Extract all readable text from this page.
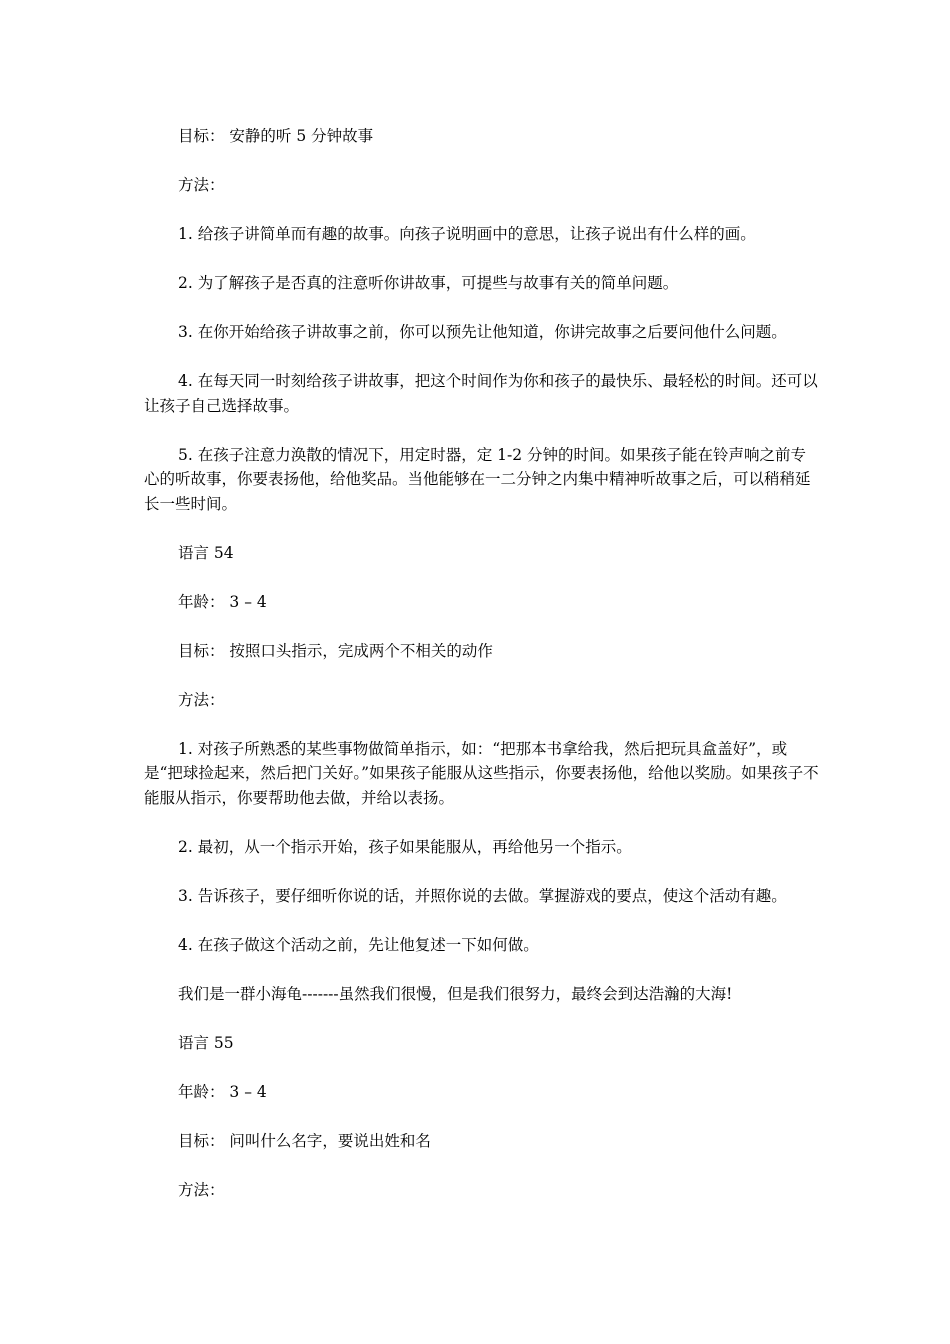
目标： 安静的听 5 分钟故事

方法：

1. 给孩子讲简单而有趣的故事。向孩子说明画中的意思，让孩子说出有什么样的画。

2. 为了解孩子是否真的注意听你讲故事，可提些与故事有关的简单问题。

3. 在你开始给孩子讲故事之前，你可以预先让他知道，你讲完故事之后要问他什么问题。

4. 在每天同一时刻给孩子讲故事，把这个时间作为你和孩子的最快乐、最轻松的时间。还可以让孩子自己选择故事。

5. 在孩子注意力涣散的情况下，用定时器，定 1-2 分钟的时间。如果孩子能在铃声响之前专心的听故事，你要表扬他，给他奖品。当他能够在一二分钟之内集中精神听故事之后，可以稍稍延长一些时间。

语言 54

年龄： 3 – 4

目标： 按照口头指示，完成两个不相关的动作

方法：

1. 对孩子所熟悉的某些事物做简单指示，如：“把那本书拿给我，然后把玩具盒盖好”，或是“把球捡起来，然后把门关好。”如果孩子能服从这些指示，你要表扬他，给他以奖励。如果孩子不能服从指示，你要帮助他去做，并给以表扬。

2. 最初，从一个指示开始，孩子如果能服从，再给他另一个指示。

3. 告诉孩子，要仔细听你说的话，并照你说的去做。掌握游戏的要点，使这个活动有趣。

4. 在孩子做这个活动之前，先让他复述一下如何做。

我们是一群小海龟-------虽然我们很慢，但是我们很努力，最终会到达浩瀚的大海!

语言 55

年龄： 3 – 4

目标： 问叫什么名字，要说出姓和名

方法：
